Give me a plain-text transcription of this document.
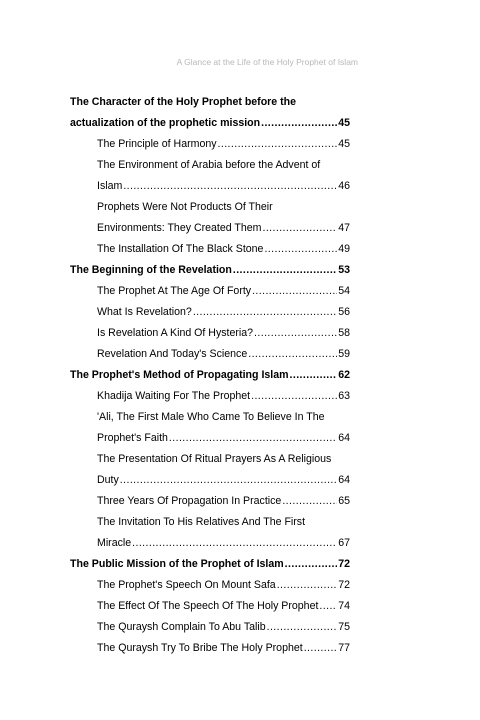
A Glance at the Life of the Holy Prophet of Islam
The Character of the Holy Prophet before the
actualization of the prophetic mission .....	45
The Principle of Harmony .....	45
The Environment of Arabia before the Advent of
Islam .....	46
Prophets Were Not Products Of Their
Environments: They Created Them .....	47
The Installation Of The Black Stone .....	49
The Beginning of the Revelation .....	53
The Prophet At The Age Of Forty .....	54
What Is Revelation? .....	56
Is Revelation A Kind Of Hysteria? .....	58
Revelation And Today's Science .....	59
The Prophet's Method of Propagating Islam .....	62
Khadija Waiting For The Prophet .....	63
'Ali, The First Male Who Came To Believe In The
Prophet's Faith .....	64
The Presentation Of Ritual Prayers As A Religious
Duty .....	64
Three Years Of Propagation In Practice .....	65
The Invitation To His Relatives And The First
Miracle .....	67
The Public Mission of the Prophet of Islam .....	72
The Prophet's Speech On Mount Safa .....	72
The Effect Of The Speech Of The Holy Prophet ..... 74
The Quraysh Complain To Abu Talib .....	75
The Quraysh Try To Bribe The Holy Prophet .....	77
